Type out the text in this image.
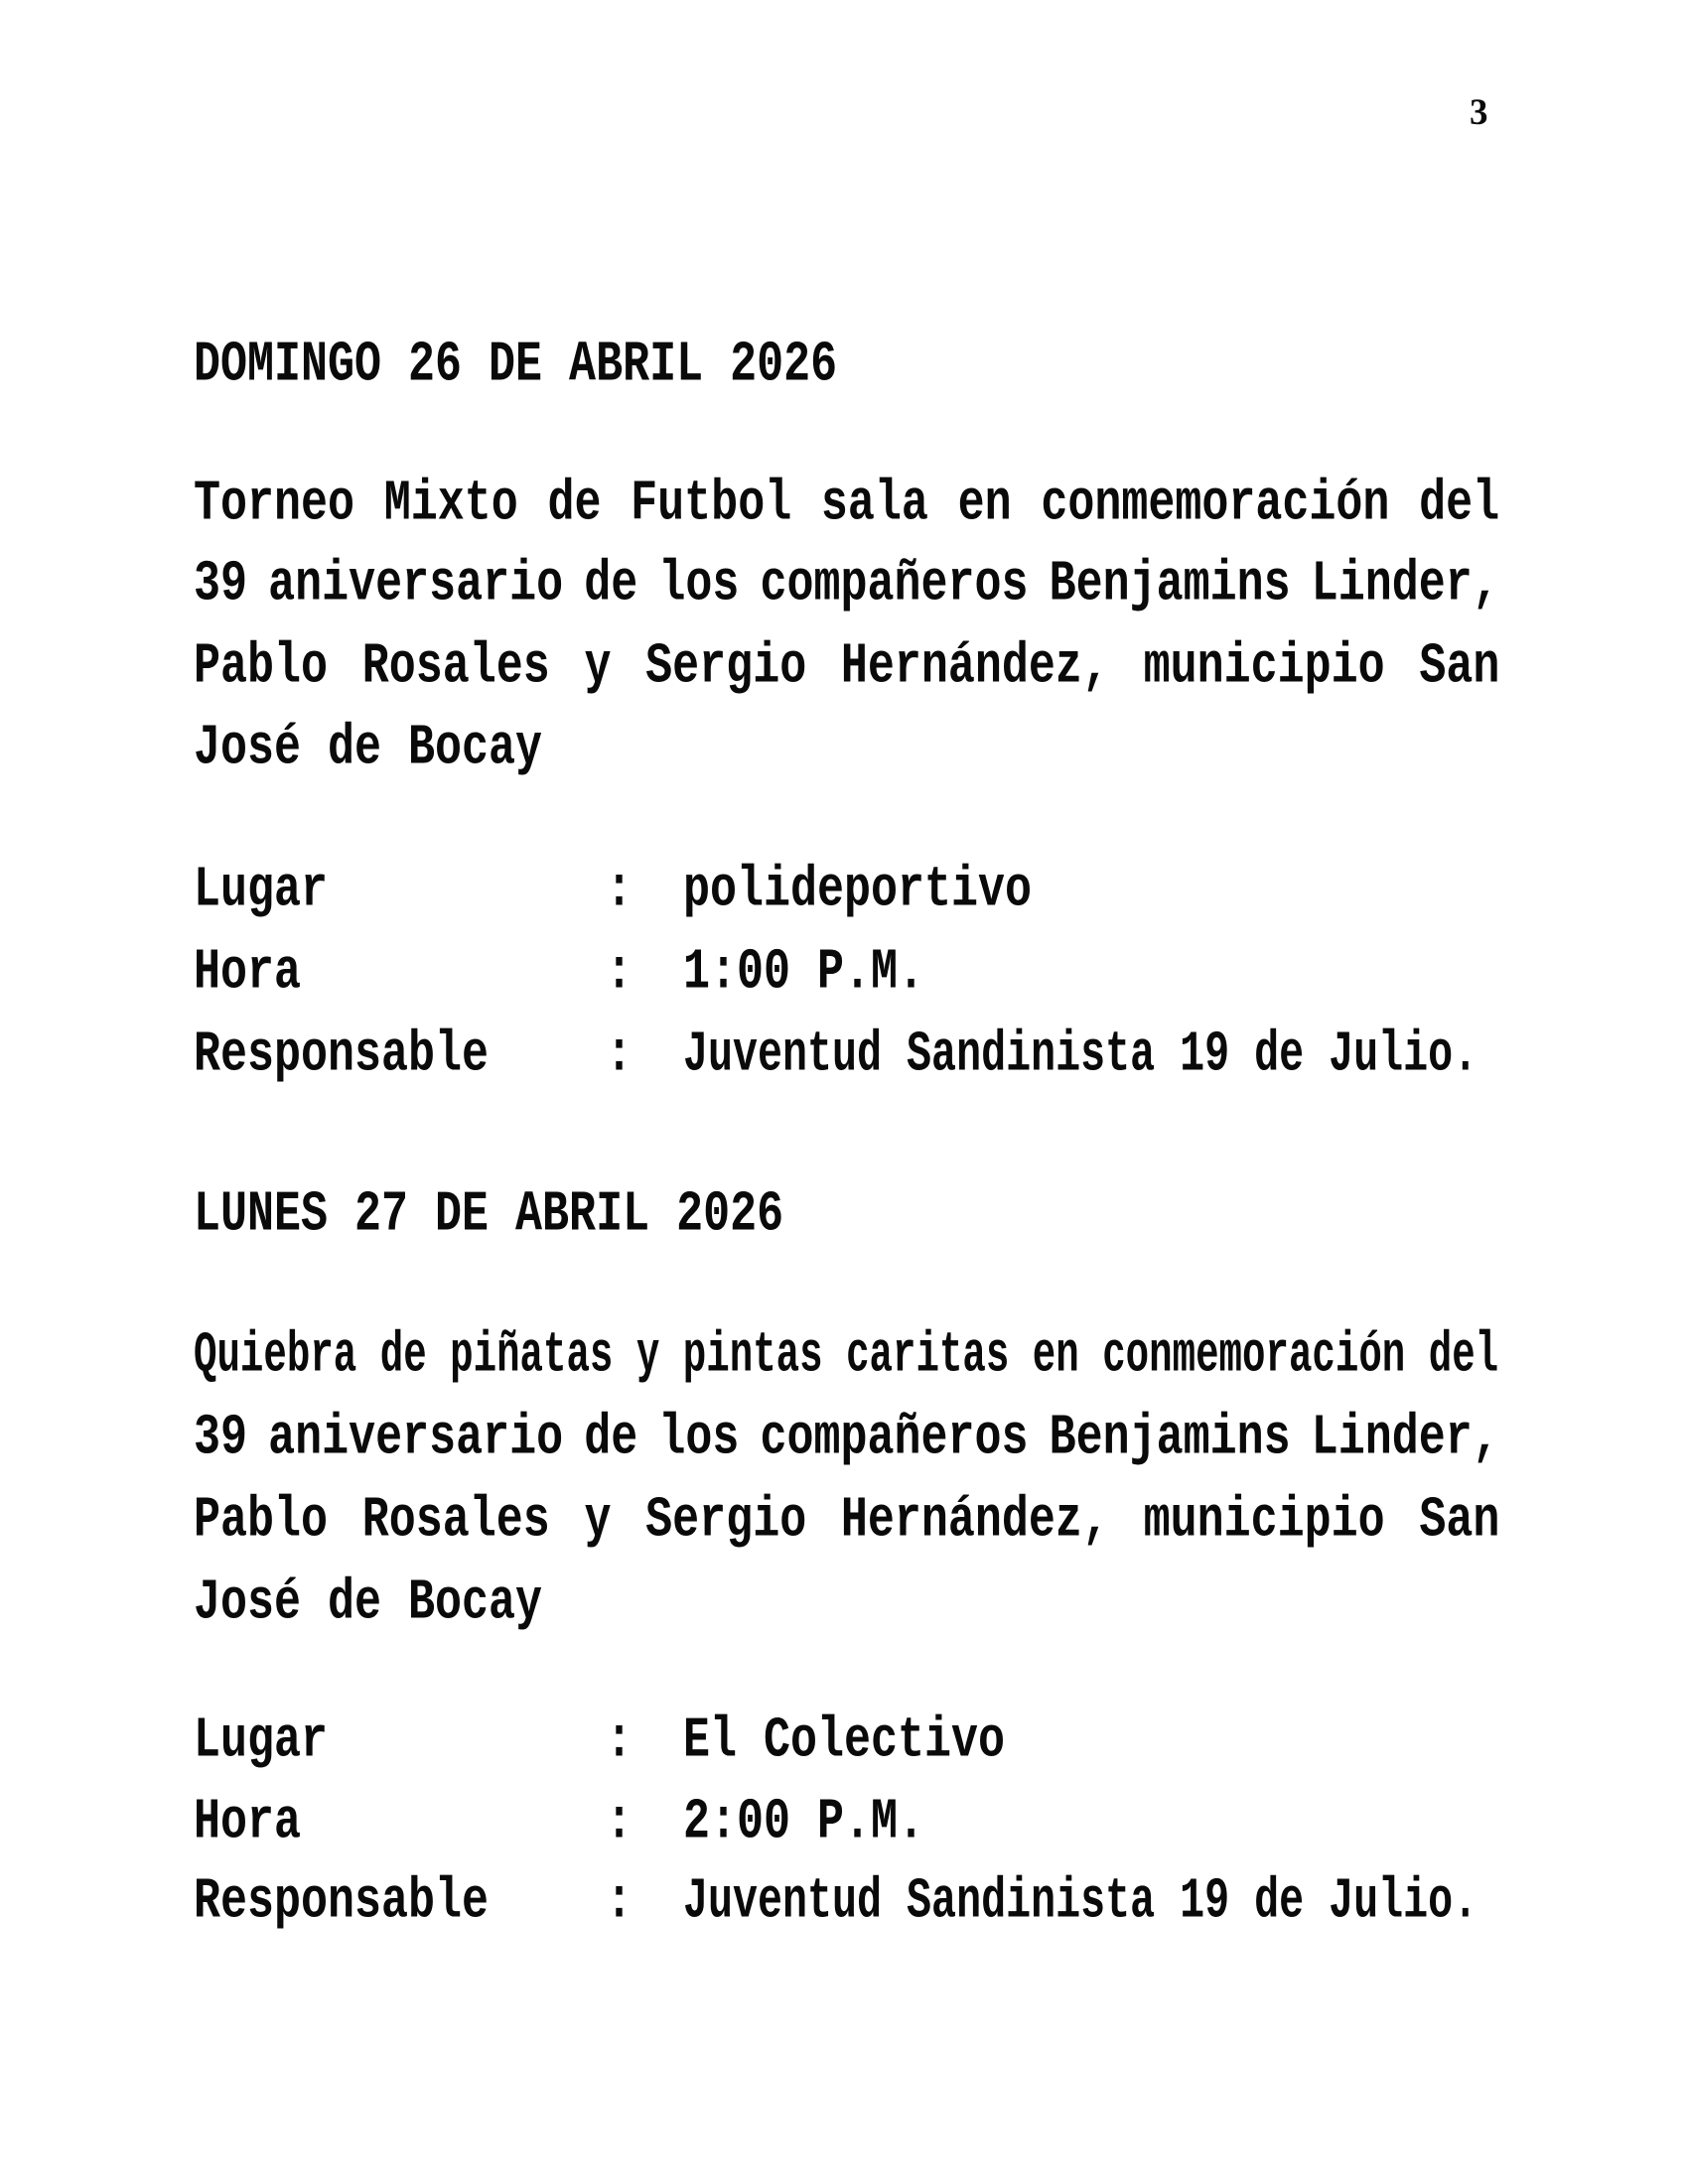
3
DOMINGO 26 DE ABRIL 2026
Torneo Mixto de Futbol sala en conmemoración del
39 aniversario de los compañeros Benjamins Linder,
Pablo Rosales y Sergio Hernández, municipio San
José de Bocay
Lugar	: polideportivo
Hora	: 1:00 P.M.
Responsable	: Juventud Sandinista 19 de Julio.
LUNES 27 DE ABRIL 2026
Quiebra de piñatas y pintas caritas en conmemoración del
39 aniversario de los compañeros Benjamins Linder,
Pablo Rosales y Sergio Hernández, municipio San
José de Bocay
Lugar	: El Colectivo
Hora	: 2:00 P.M.
Responsable	: Juventud Sandinista 19 de Julio.
